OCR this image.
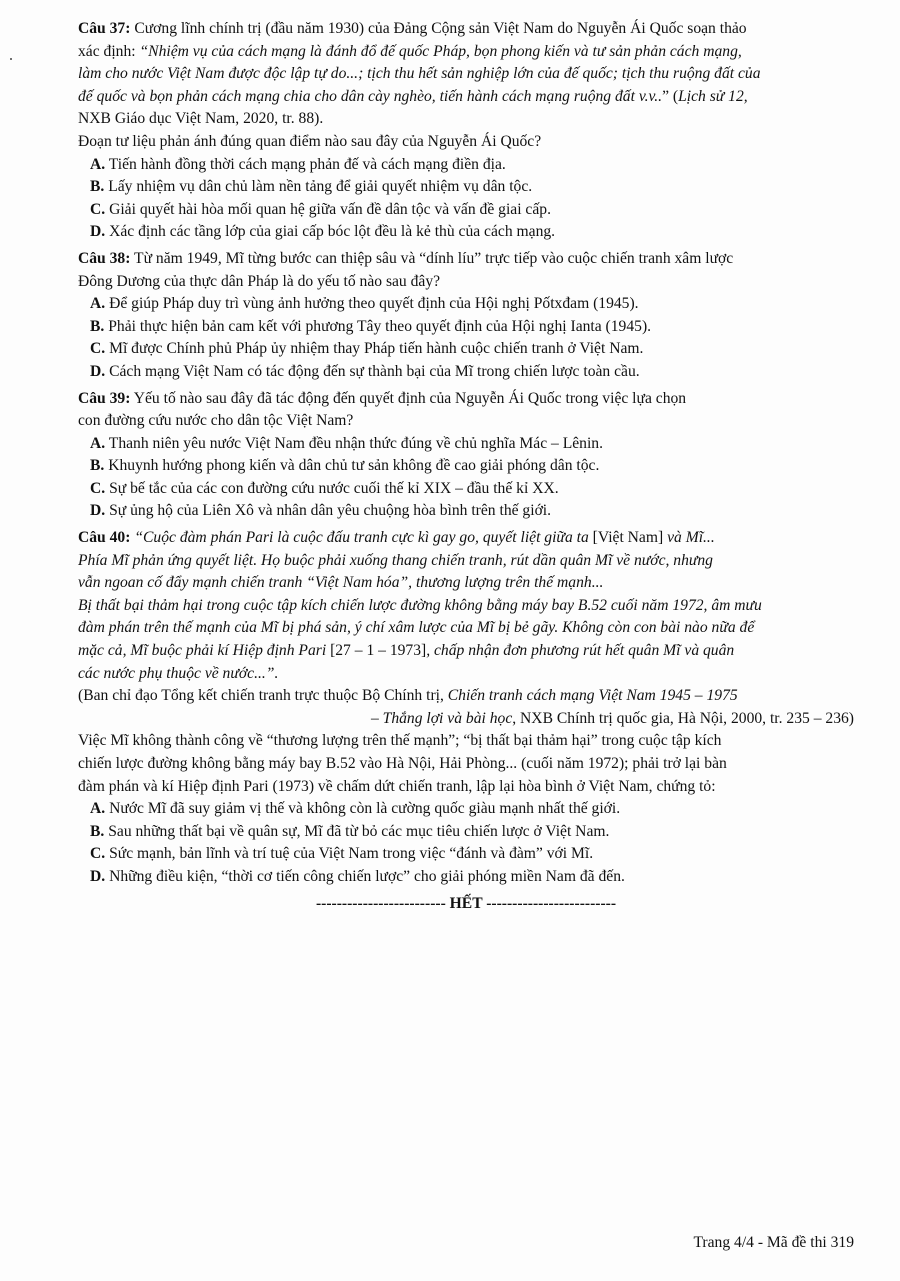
Câu 37: Cương lĩnh chính trị (đầu năm 1930) của Đảng Cộng sản Việt Nam do Nguyễn Ái Quốc soạn thảo
xác định: “Nhiệm vụ của cách mạng là đánh đổ đế quốc Pháp, bọn phong kiến và tư sản phản cách mạng,
làm cho nước Việt Nam được độc lập tự do...; tịch thu hết sản nghiệp lớn của đế quốc; tịch thu ruộng đất của
đế quốc và bọn phản cách mạng chia cho dân cày nghèo, tiến hành cách mạng ruộng đất v.v..” (Lịch sử 12,
NXB Giáo dục Việt Nam, 2020, tr. 88).
Đoạn tư liệu phản ánh đúng quan điểm nào sau đây của Nguyễn Ái Quốc?
A. Tiến hành đồng thời cách mạng phản đế và cách mạng điền địa.
B. Lấy nhiệm vụ dân chủ làm nền tảng để giải quyết nhiệm vụ dân tộc.
C. Giải quyết hài hòa mối quan hệ giữa vấn đề dân tộc và vấn đề giai cấp.
D. Xác định các tầng lớp của giai cấp bóc lột đều là kẻ thù của cách mạng.
Câu 38: Từ năm 1949, Mĩ từng bước can thiệp sâu và “dính líu” trực tiếp vào cuộc chiến tranh xâm lược
Đông Dương của thực dân Pháp là do yếu tố nào sau đây?
A. Để giúp Pháp duy trì vùng ảnh hưởng theo quyết định của Hội nghị Pốtxđam (1945).
B. Phải thực hiện bản cam kết với phương Tây theo quyết định của Hội nghị Ianta (1945).
C. Mĩ được Chính phủ Pháp ủy nhiệm thay Pháp tiến hành cuộc chiến tranh ở Việt Nam.
D. Cách mạng Việt Nam có tác động đến sự thành bại của Mĩ trong chiến lược toàn cầu.
Câu 39: Yếu tố nào sau đây đã tác động đến quyết định của Nguyễn Ái Quốc trong việc lựa chọn
con đường cứu nước cho dân tộc Việt Nam?
A. Thanh niên yêu nước Việt Nam đều nhận thức đúng về chủ nghĩa Mác – Lênin.
B. Khuynh hướng phong kiến và dân chủ tư sản không đề cao giải phóng dân tộc.
C. Sự bế tắc của các con đường cứu nước cuối thế kỉ XIX – đầu thế kỉ XX.
D. Sự ủng hộ của Liên Xô và nhân dân yêu chuộng hòa bình trên thế giới.
Câu 40: “Cuộc đàm phán Pari là cuộc đấu tranh cực kì gay go, quyết liệt giữa ta [Việt Nam] và Mĩ...
Phía Mĩ phản ứng quyết liệt. Họ buộc phải xuống thang chiến tranh, rút dần quân Mĩ về nước, nhưng
vẫn ngoan cố đẩy mạnh chiến tranh “Việt Nam hóa”, thương lượng trên thế mạnh...
Bị thất bại thảm hại trong cuộc tập kích chiến lược đường không bằng máy bay B.52 cuối năm 1972, âm mưu
đàm phán trên thế mạnh của Mĩ bị phá sản, ý chí xâm lược của Mĩ bị bẻ gãy. Không còn con bài nào nữa để
mặc cả, Mĩ buộc phải kí Hiệp định Pari [27 – 1 – 1973], chấp nhận đơn phương rút hết quân Mĩ và quân
các nước phụ thuộc về nước...”.
(Ban chỉ đạo Tổng kết chiến tranh trực thuộc Bộ Chính trị, Chiến tranh cách mạng Việt Nam 1945 – 1975
– Thắng lợi và bài học, NXB Chính trị quốc gia, Hà Nội, 2000, tr. 235 – 236)
Việc Mĩ không thành công về “thương lượng trên thế mạnh”; “bị thất bại thảm hại” trong cuộc tập kích
chiến lược đường không bằng máy bay B.52 vào Hà Nội, Hải Phòng... (cuối năm 1972); phải trở lại bàn
đàm phán và kí Hiệp định Pari (1973) về chấm dứt chiến tranh, lập lại hòa bình ở Việt Nam, chứng tỏ:
A. Nước Mĩ đã suy giảm vị thế và không còn là cường quốc giàu mạnh nhất thế giới.
B. Sau những thất bại về quân sự, Mĩ đã từ bỏ các mục tiêu chiến lược ở Việt Nam.
C. Sức mạnh, bản lĩnh và trí tuệ của Việt Nam trong việc “đánh và đàm” với Mĩ.
D. Những điều kiện, “thời cơ tiến công chiến lược” cho giải phóng miền Nam đã đến.
------------------------- HẾT -------------------------
Trang 4/4 - Mã đề thi 319
